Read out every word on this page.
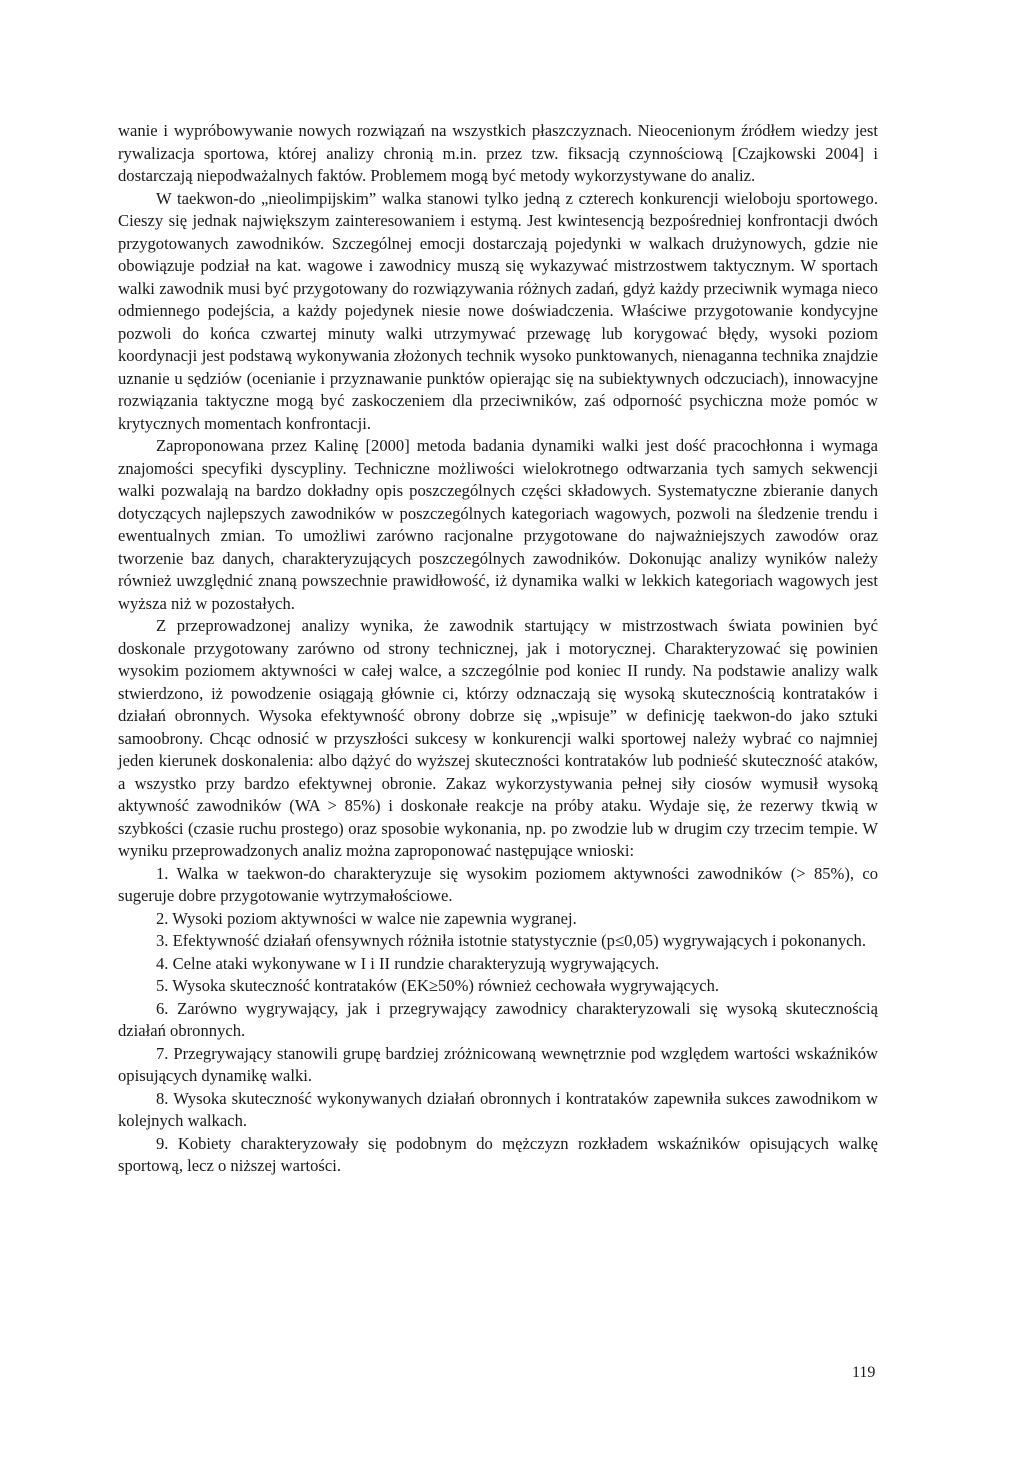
wanie i wypróbowywanie nowych rozwiązań na wszystkich płaszczyznach. Nieocenionym źródłem wiedzy jest rywalizacja sportowa, której analizy chronią m.in. przez tzw. fiksacją czynnościową [Czajkowski 2004] i dostarczają niepodważalnych faktów. Problemem mogą być metody wykorzystywane do analiz.

W taekwon-do „nieolimpijskim” walka stanowi tylko jedną z czterech konkurencji wieloboju sportowego. Cieszy się jednak największym zainteresowaniem i estymą. Jest kwintesencją bezpośredniej konfrontacji dwóch przygotowanych zawodników. Szczególnej emocji dostarczają pojedynki w walkach drużynowych, gdzie nie obowiązuje podział na kat. wagowe i zawodnicy muszą się wykazywać mistrzostwem taktycznym. W sportach walki zawodnik musi być przygotowany do rozwiązywania różnych zadań, gdyż każdy przeciwnik wymaga nieco odmiennego podejścia, a każdy pojedynek niesie nowe doświadczenia. Właściwe przygotowanie kondycyjne pozwoli do końca czwartej minuty walki utrzymywać przewagę lub korygować błędy, wysoki poziom koordynacji jest podstawą wykonywania złożonych technik wysoko punktowanych, nienaganna technika znajdzie uznanie u sędziów (ocenianie i przyznawanie punktów opierając się na subiektywnych odczuciach), innowacyjne rozwiązania taktyczne mogą być zaskoczeniem dla przeciwników, zaś odporność psychiczna może pomóc w krytycznych momentach konfrontacji.

Zaproponowana przez Kalinę [2000] metoda badania dynamiki walki jest dość pracochłonna i wymaga znajomości specyfiki dyscypliny. Techniczne możliwości wielokrotnego odtwarzania tych samych sekwencji walki pozwalają na bardzo dokładny opis poszczególnych części składowych. Systematyczne zbieranie danych dotyczących najlepszych zawodników w poszczególnych kategoriach wagowych, pozwoli na śledzenie trendu i ewentualnych zmian. To umożliwi zarówno racjonalne przygotowane do najważniejszych zawodów oraz tworzenie baz danych, charakteryzujących poszczególnych zawodników. Dokonując analizy wyników należy również uwzględnić znaną powszechnie prawidłowość, iż dynamika walki w lekkich kategoriach wagowych jest wyższa niż w pozostałych.

Z przeprowadzonej analizy wynika, że zawodnik startujący w mistrzostwach świata powinien być doskonale przygotowany zarówno od strony technicznej, jak i motorycznej. Charakteryzować się powinien wysokim poziomem aktywności w całej walce, a szczególnie pod koniec II rundy. Na podstawie analizy walk stwierdzono, iż powodzenie osiągają głównie ci, którzy odznaczają się wysoką skutecznością kontrataków i działań obronnych. Wysoka efektywność obrony dobrze się „wpisuje” w definicję taekwon-do jako sztuki samoobrony. Chcąc odnosić w przyszłości sukcesy w konkurencji walki sportowej należy wybrać co najmniej jeden kierunek doskonalenia: albo dążyć do wyższej skuteczności kontrataków lub podnieść skuteczność ataków, a wszystko przy bardzo efektywnej obronie. Zakaz wykorzystywania pełnej siły ciosów wymusił wysoką aktywność zawodników (WA > 85%) i doskonałe reakcje na próby ataku. Wydaje się, że rezerwy tkwią w szybkości (czasie ruchu prostego) oraz sposobie wykonania, np. po zwodzie lub w drugim czy trzecim tempie. W wyniku przeprowadzonych analiz można zaproponować następujące wnioski:

1. Walka w taekwon-do charakteryzuje się wysokim poziomem aktywności zawodników (> 85%), co sugeruje dobre przygotowanie wytrzymałościowe.

2. Wysoki poziom aktywności w walce nie zapewnia wygranej.

3. Efektywność działań ofensywnych różniła istotnie statystycznie (p≤0,05) wygrywających i pokonanych.

4. Celne ataki wykonywane w I i II rundzie charakteryzują wygrywających.

5. Wysoka skuteczność kontrataków (EK≥50%) również cechowała wygrywających.

6. Zarówno wygrywający, jak i przegrywający zawodnicy charakteryzowali się wysoką skutecznością działań obronnych.

7. Przegrywający stanowili grupę bardziej zróżnicowaną wewnętrznie pod względem wartości wskaźników opisujących dynamikę walki.

8. Wysoka skuteczność wykonywanych działań obronnych i kontrataków zapewniła sukces zawodnikom w kolejnych walkach.

9. Kobiety charakteryzowały się podobnym do mężczyzn rozkładem wskaźników opisujących walkę sportową, lecz o niższej wartości.

119
